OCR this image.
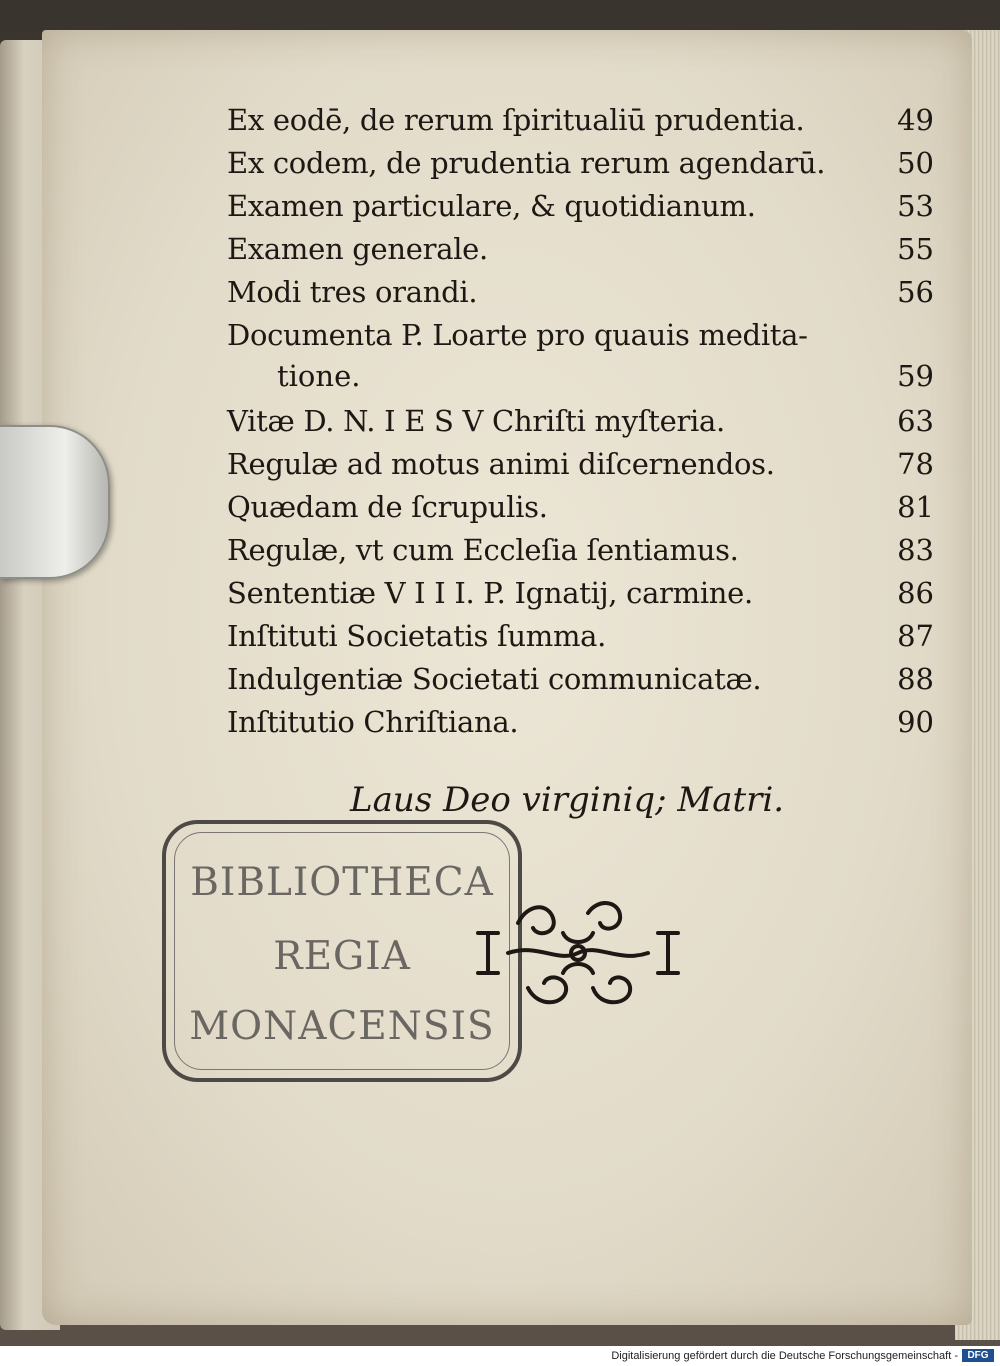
Ex eodē, de rerum ſpiritualiū prudentia.	49
Ex codem, de prudentia rerum agendarū. 50
Examen particulare, & quotidianum.	53
Examen generale.	55
Modi tres orandi.	56
Documenta P. Loarte pro quauis medita-
tione.	59
Vitæ D. N. I E S V Chriſti myſteria.	63
Regulæ ad motus animi diſcernendos.	78
Quædam de ſcrupulis.	81
Regulæ, vt cum Eccleſia ſentiamus.	83
Sententiæ V I I I. P. Ignatij, carmine.	86
Inſtituti Societatis ſumma.	87
Indulgentiæ Societati communicatæ.	88
Inſtitutio Chriſtiana.	90
Laus Deo virginiq; Matri.
BIBLIOTHECA
REGIA
MONACENSIS
Digitalisierung gefördert durch die Deutsche Forschungsgemeinschaft - DFG
